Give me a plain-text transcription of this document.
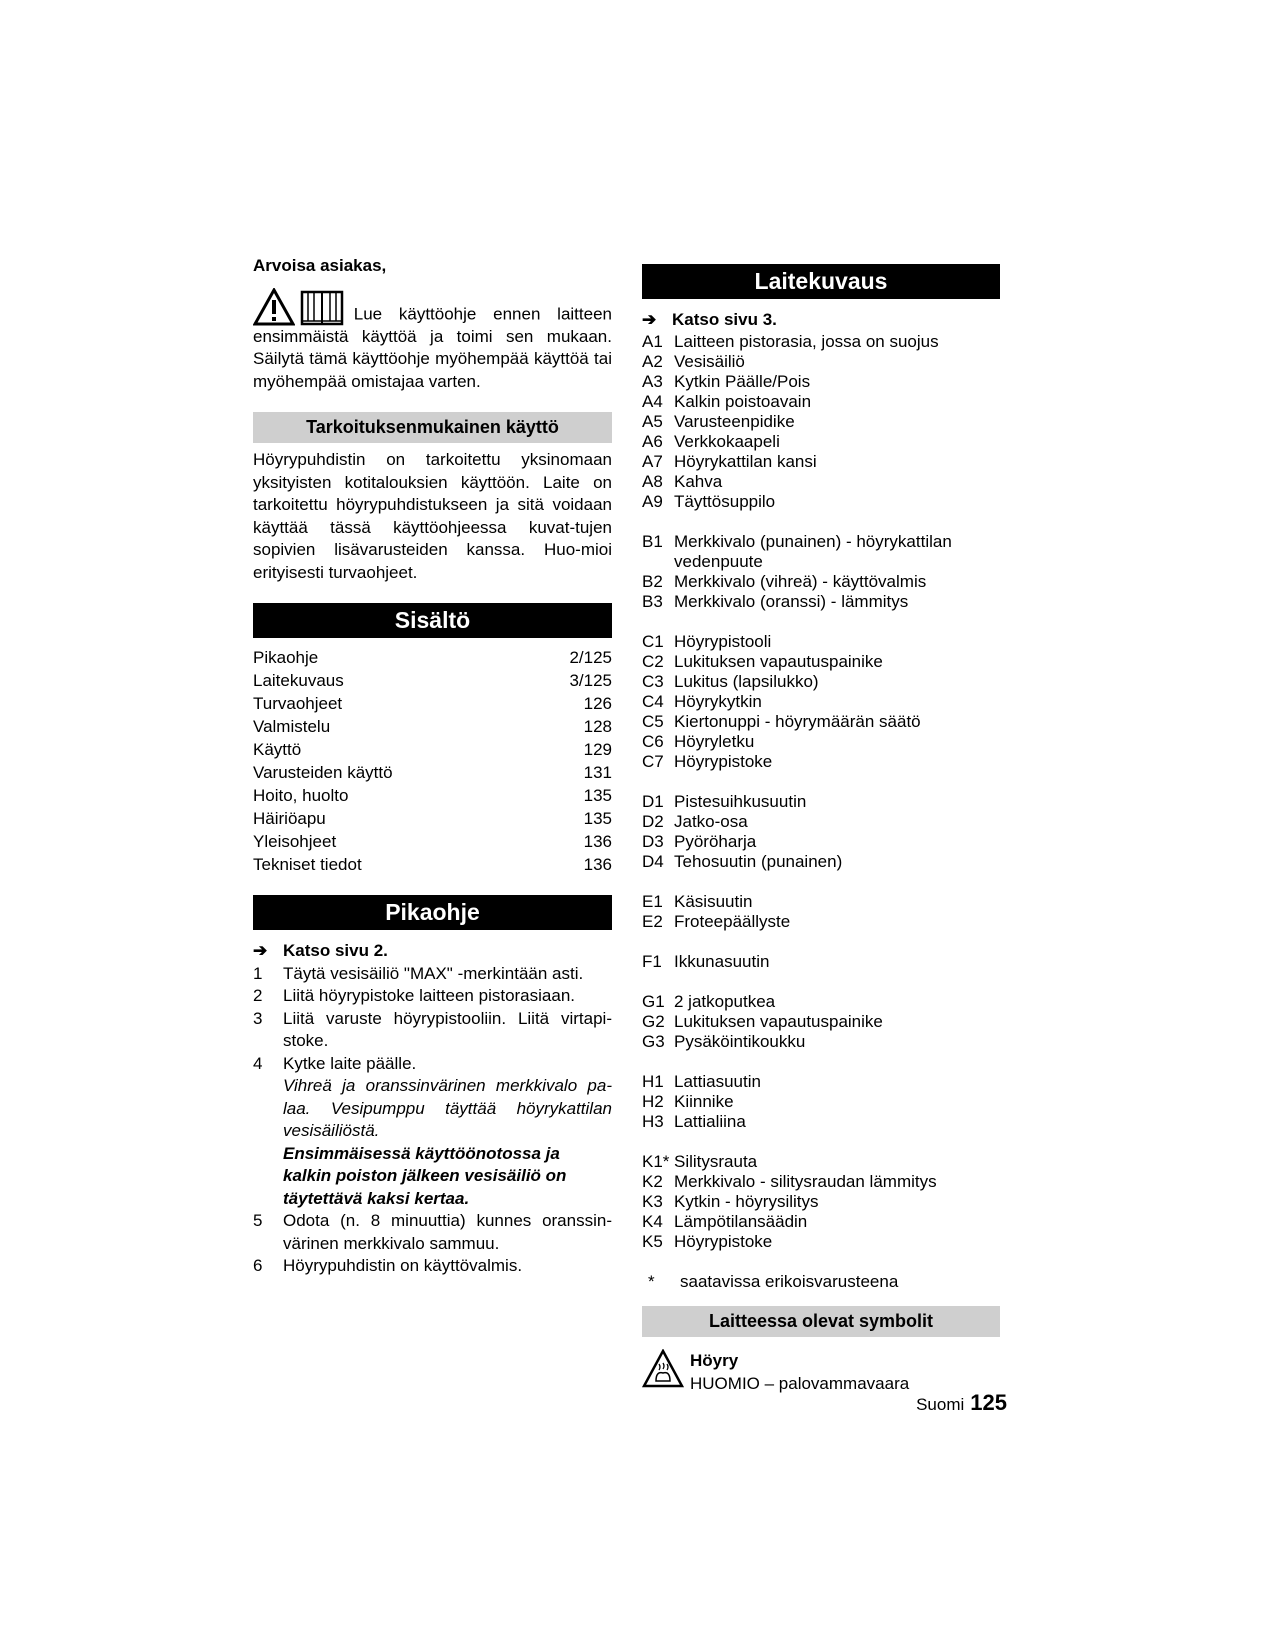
Arvoisa asiakas,
Lue käyttöohje ennen laitteen ensimmäistä käyttöä ja toimi sen mukaan. Säilytä tämä käyttöohje myöhempää käyttöä tai myöhempää omistajaa varten.
Tarkoituksenmukainen käyttö
Höyrypuhdistin on tarkoitettu yksinomaan yksityisten kotitalouksien käyttöön. Laite on tarkoitettu höyrypuhdistukseen ja sitä voidaan käyttää tässä käyttöohjeessa kuvat-tujen sopivien lisävarusteiden kanssa. Huo-mioi erityisesti turvaohjeet.
Sisältö
Pikaohje	2/125
Laitekuvaus	3/125
Turvaohjeet	126
Valmistelu	128
Käyttö	129
Varusteiden käyttö	131
Hoito, huolto	135
Häiriöapu	135
Yleisohjeet	136
Tekniset tiedot	136
Pikaohje
➔ Katso sivu 2.
1	Täytä vesisäiliö "MAX" -merkintään asti.
2	Liitä höyrypistoke laitteen pistorasiaan.
3	Liitä varuste höyrypistooliin. Liitä virtapi-stoke.
4	Kytke laite päälle.
Vihreä ja oranssinvärinen merkkivalo pa-laa. Vesipumppu täyttää höyrykattilan vesisäiliöstä.
Ensimmäisessä käyttöönotossa ja kalkin poiston jälkeen vesisäiliö on täytettävä kaksi kertaa.
5	Odota (n. 8 minuuttia) kunnes oranssin-värinen merkkivalo sammuu.
6	Höyrypuhdistin on käyttövalmis.
Laitekuvaus
➔ Katso sivu 3.
A1 Laitteen pistorasia, jossa on suojus
A2 Vesisäiliö
A3 Kytkin Päälle/Pois
A4 Kalkin poistoavain
A5 Varusteenpidike
A6 Verkkokaapeli
A7 Höyrykattilan kansi
A8 Kahva
A9 Täyttösuppilo
B1 Merkkivalo (punainen) - höyrykattilan vedenpuute
B2 Merkkivalo (vihreä) - käyttövalmis
B3 Merkkivalo (oranssi) - lämmitys
C1 Höyrypistooli
C2 Lukituksen vapautuspainike
C3 Lukitus (lapsilukko)
C4 Höyrykytkin
C5 Kiertonuppi - höyrymäärän säätö
C6 Höyryletku
C7 Höyrypistoke
D1 Pistesuihkusuutin
D2 Jatko-osa
D3 Pyöröharja
D4 Tehosuutin (punainen)
E1 Käsisuutin
E2 Froteepäällyste
F1 Ikkunasuutin
G1 2 jatkoputkea
G2 Lukituksen vapautuspainike
G3 Pysäköintikoukku
H1 Lattiasuutin
H2 Kiinnike
H3 Lattialiina
K1* Silitysrauta
K2 Merkkivalo - silitysraudan lämmitys
K3 Kytkin - höyrysilitys
K4 Lämpötilansäädin
K5 Höyrypistoke
*	saatavissa erikoisvarusteena
Laitteessa olevat symbolit
Höyry
HUOMIO – palovammavaara
Suomi 125
